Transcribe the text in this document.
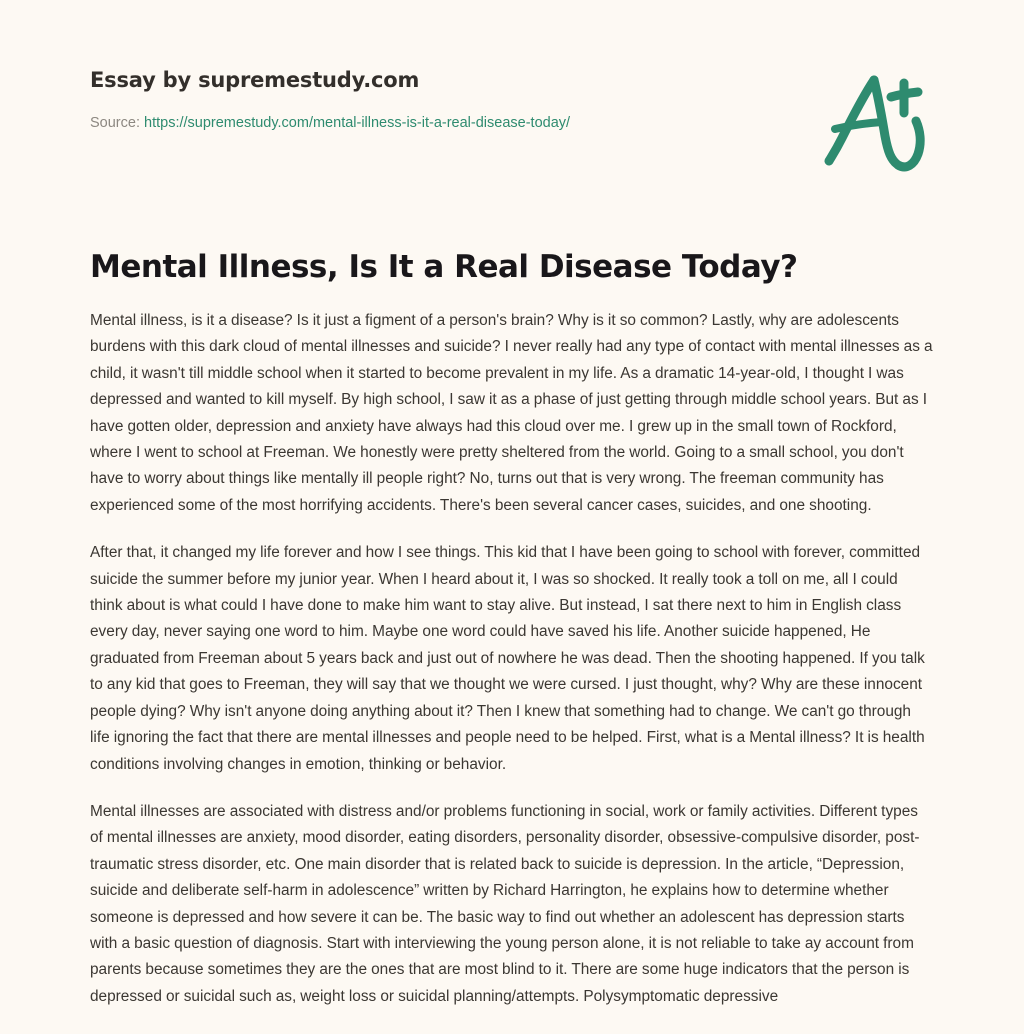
Essay by supremestudy.com
Source: https://supremestudy.com/mental-illness-is-it-a-real-disease-today/
Mental Illness, Is It a Real Disease Today?

Mental illness, is it a disease? Is it just a figment of a person's brain? Why is it so common? Lastly, why are adolescents burdens with this dark cloud of mental illnesses and suicide? I never really had any type of contact with mental illnesses as a child, it wasn't till middle school when it started to become prevalent in my life. As a dramatic 14-year-old, I thought I was depressed and wanted to kill myself. By high school, I saw it as a phase of just getting through middle school years. But as I have gotten older, depression and anxiety have always had this cloud over me. I grew up in the small town of Rockford, where I went to school at Freeman. We honestly were pretty sheltered from the world. Going to a small school, you don't have to worry about things like mentally ill people right? No, turns out that is very wrong. The freeman community has experienced some of the most horrifying accidents. There's been several cancer cases, suicides, and one shooting.

After that, it changed my life forever and how I see things. This kid that I have been going to school with forever, committed suicide the summer before my junior year. When I heard about it, I was so shocked. It really took a toll on me, all I could think about is what could I have done to make him want to stay alive. But instead, I sat there next to him in English class every day, never saying one word to him. Maybe one word could have saved his life. Another suicide happened, He graduated from Freeman about 5 years back and just out of nowhere he was dead. Then the shooting happened. If you talk to any kid that goes to Freeman, they will say that we thought we were cursed. I just thought, why? Why are these innocent people dying? Why isn't anyone doing anything about it? Then I knew that something had to change. We can't go through life ignoring the fact that there are mental illnesses and people need to be helped. First, what is a Mental illness? It is health conditions involving changes in emotion, thinking or behavior.

Mental illnesses are associated with distress and/or problems functioning in social, work or family activities. Different types of mental illnesses are anxiety, mood disorder, eating disorders, personality disorder, obsessive-compulsive disorder, post-traumatic stress disorder, etc. One main disorder that is related back to suicide is depression. In the article, “Depression, suicide and deliberate self-harm in adolescence” written by Richard Harrington, he explains how to determine whether someone is depressed and how severe it can be. The basic way to find out whether an adolescent has depression starts with a basic question of diagnosis. Start with interviewing the young person alone, it is not reliable to take ay account from parents because sometimes they are the ones that are most blind to it. There are some huge indicators that the person is depressed or suicidal such as, weight loss or suicidal planning/attempts. Polysymptomatic depressive
